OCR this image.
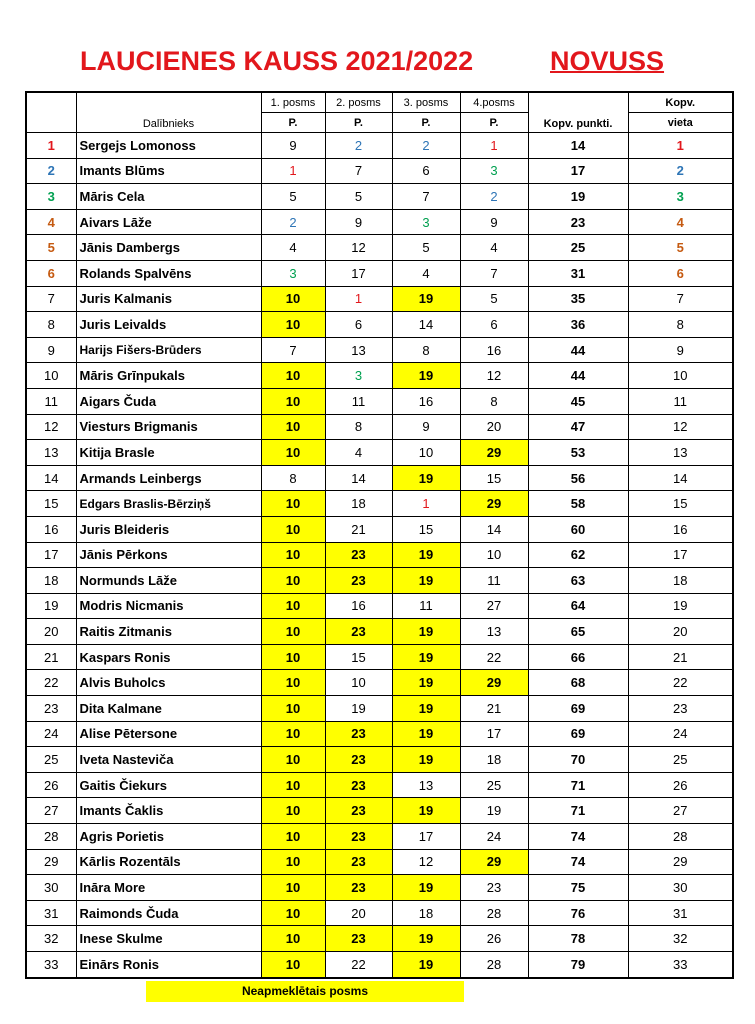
LAUCIENES KAUSS 2021/2022	NOVUSS
	Dalībnieks	1. posms	2. posms	3. posms	4.posms	Kopv. punkti.	Kopv.
		P.	P.	P.	P.		vieta
1	Sergejs Lomonoss	9	2	2	1	14	1
2	Imants Blūms	1	7	6	3	17	2
3	Māris Cela	5	5	7	2	19	3
4	Aivars Lāže	2	9	3	9	23	4
5	Jānis Dambergs	4	12	5	4	25	5
6	Rolands Spalvēns	3	17	4	7	31	6
7	Juris Kalmanis	10	1	19	5	35	7
8	Juris Leivalds	10	6	14	6	36	8
9	Harijs Fišers-Brūders	7	13	8	16	44	9
10	Māris Grīnpukals	10	3	19	12	44	10
11	Aigars Čuda	10	11	16	8	45	11
12	Viesturs Brigmanis	10	8	9	20	47	12
13	Kitija Brasle	10	4	10	29	53	13
14	Armands Leinbergs	8	14	19	15	56	14
15	Edgars Braslis-Bērziņš	10	18	1	29	58	15
16	Juris Bleideris	10	21	15	14	60	16
17	Jānis Pērkons	10	23	19	10	62	17
18	Normunds Lāže	10	23	19	11	63	18
19	Modris Nicmanis	10	16	11	27	64	19
20	Raitis Zitmanis	10	23	19	13	65	20
21	Kaspars Ronis	10	15	19	22	66	21
22	Alvis Buholcs	10	10	19	29	68	22
23	Dita Kalmane	10	19	19	21	69	23
24	Alise Pētersone	10	23	19	17	69	24
25	Iveta Nasteviča	10	23	19	18	70	25
26	Gaitis Čiekurs	10	23	13	25	71	26
27	Imants Čaklis	10	23	19	19	71	27
28	Agris Porietis	10	23	17	24	74	28
29	Kārlis Rozentāls	10	23	12	29	74	29
30	Ināra More	10	23	19	23	75	30
31	Raimonds Čuda	10	20	18	28	76	31
32	Inese Skulme	10	23	19	26	78	32
33	Einārs Ronis	10	22	19	28	79	33
Neapmeklētais posms
